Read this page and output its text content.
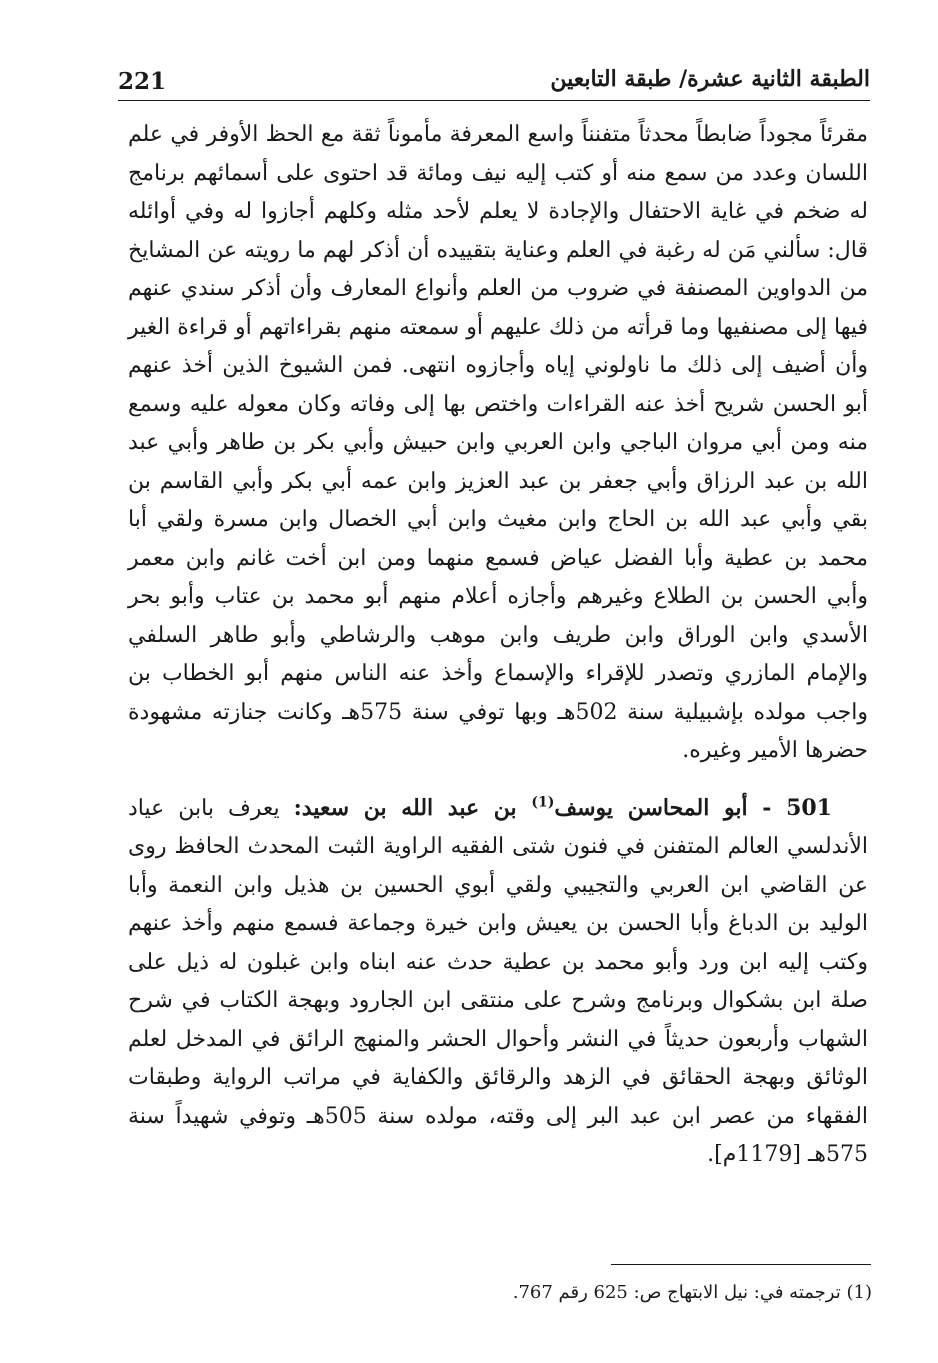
221	الطبقة الثانية عشرة/ طبقة التابعين

مقرئاً مجوداً ضابطاً محدثاً متفنناً واسع المعرفة مأموناً ثقة مع الحظ الأوفر في علم اللسان وعدد من سمع منه أو كتب إليه نيف ومائة قد احتوى على أسمائهم برنامج له ضخم في غاية الاحتفال والإجادة لا يعلم لأحد مثله وكلهم أجازوا له وفي أوائله قال: سألني مَن له رغبة في العلم وعناية بتقييده أن أذكر لهم ما رويته عن المشايخ من الدواوين المصنفة في ضروب من العلم وأنواع المعارف وأن أذكر سندي عنهم فيها إلى مصنفيها وما قرأته من ذلك عليهم أو سمعته منهم بقراءاتهم أو قراءة الغير وأن أضيف إلى ذلك ما ناولوني إياه وأجازوه انتهى. فمن الشيوخ الذين أخذ عنهم أبو الحسن شريح أخذ عنه القراءات واختص بها إلى وفاته وكان معوله عليه وسمع منه ومن أبي مروان الباجي وابن العربي وابن حبيش وأبي بكر بن طاهر وأبي عبد الله بن عبد الرزاق وأبي جعفر بن عبد العزيز وابن عمه أبي بكر وأبي القاسم بن بقي وأبي عبد الله بن الحاج وابن مغيث وابن أبي الخصال وابن مسرة ولقي أبا محمد بن عطية وأبا الفضل عياض فسمع منهما ومن ابن أخت غانم وابن معمر وأبي الحسن بن الطلاع وغيرهم وأجازه أعلام منهم أبو محمد بن عتاب وأبو بحر الأسدي وابن الوراق وابن طريف وابن موهب والرشاطي وأبو طاهر السلفي والإمام المازري وتصدر للإقراء والإسماع وأخذ عنه الناس منهم أبو الخطاب بن واجب مولده بإشبيلية سنة 502هـ وبها توفي سنة 575هـ وكانت جنازته مشهودة حضرها الأمير وغيره.

501 - أبو المحاسن يوسف$^{(1)}$ بن عبد الله بن سعيد: يعرف بابن عياد الأندلسي العالم المتفنن في فنون شتى الفقيه الراوية الثبت المحدث الحافظ روى عن القاضي ابن العربي والتجيبي ولقي أبوي الحسين بن هذيل وابن النعمة وأبا الوليد بن الدباغ وأبا الحسن بن يعيش وابن خيرة وجماعة فسمع منهم وأخذ عنهم وكتب إليه ابن ورد وأبو محمد بن عطية حدث عنه ابناه وابن غبلون له ذيل على صلة ابن بشكوال وبرنامج وشرح على منتقى ابن الجارود وبهجة الكتاب في شرح الشهاب وأربعون حديثاً في النشر وأحوال الحشر والمنهج الرائق في المدخل لعلم الوثائق وبهجة الحقائق في الزهد والرقائق والكفاية في مراتب الرواية وطبقات الفقهاء من عصر ابن عبد البر إلى وقته، مولده سنة 505هـ وتوفي شهيداً سنة 575هـ [1179م].

(1) ترجمته في: نيل الابتهاج ص: 625 رقم 767.
